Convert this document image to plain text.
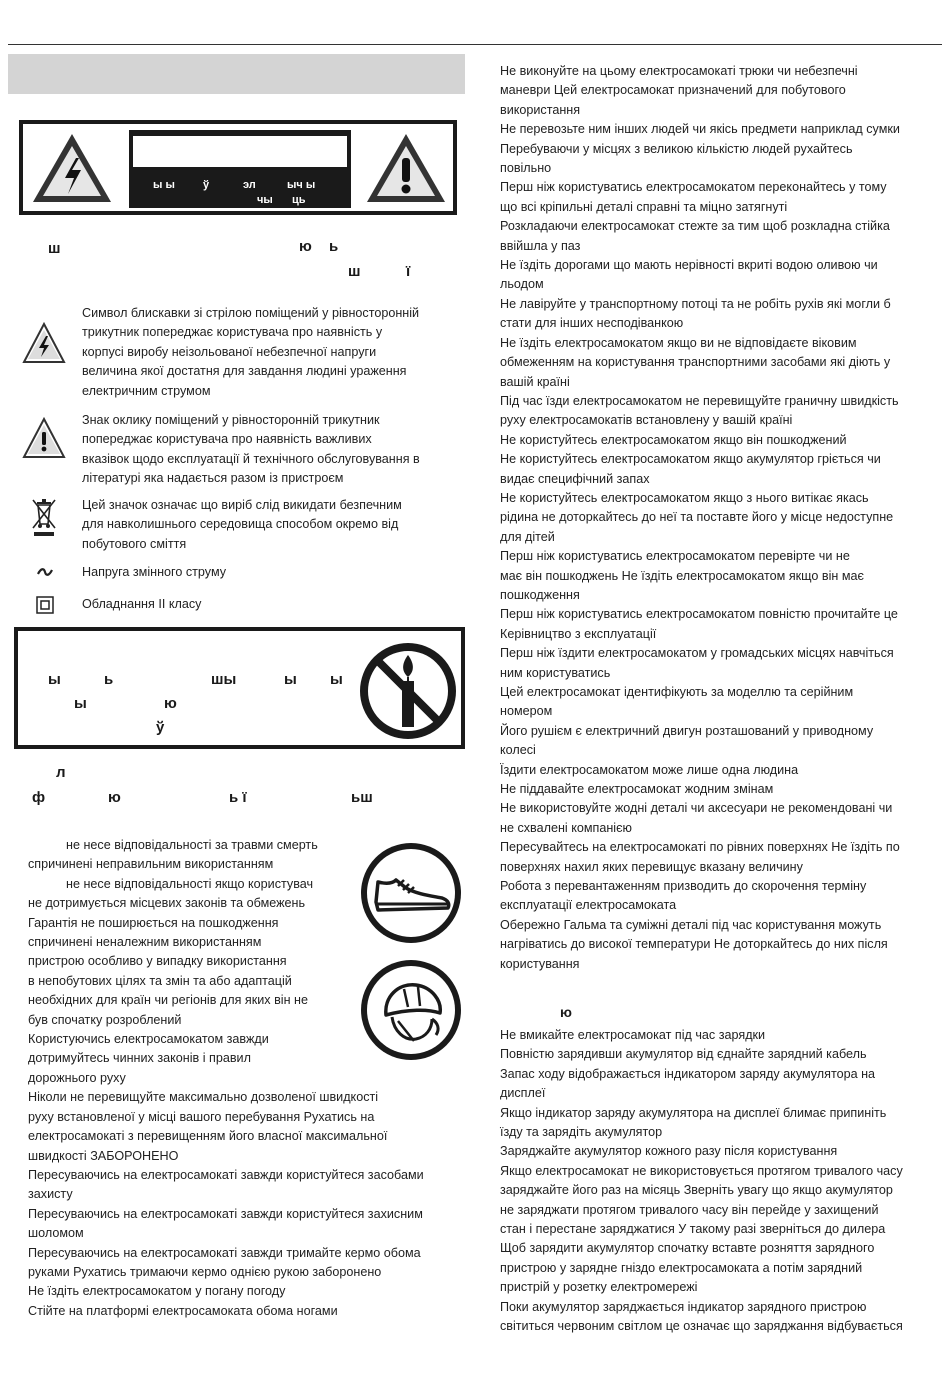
ы ы	ў	эл	ыч ы
чы ць
ш	ю ь
ш	ї
Символ блискавки зі стрілою поміщений у рівносторонній
трикутник попереджає користувача про наявність у
корпусі виробу неізольованої небезпечної напруги
величина якої достатня для завдання людині ураження
електричним струмом
Знак оклику поміщений у рівносторонній трикутник
попереджає користувача про наявність важливих
вказівок щодо експлуатації й технічного обслуговування в
літературі яка надається разом із пристроєм
Цей значок означає що виріб слід викидати безпечним
для навколишнього середовища способом окремо від
побутового сміття
Напруга змінного струму
Обладнання II класу
ы	ь	шы	ы ы
ы	ю
ў
л
ф	ю	ь ї	ьш
не несе відповідальності за травми смерть
спричинені неправильним використанням
не несе відповідальності якщо користувач
не дотримується місцевих законів та обмежень
Гарантія не поширюється на пошкодження
спричинені неналежним використанням
пристрою особливо у випадку використання
в непобутових цілях та змін та або адаптацій
необхідних для країн чи регіонів для яких він не
був спочатку розроблений
Користуючись електросамокатом завжди
дотримуйтесь чинних законів і правил
дорожнього руху
Ніколи не перевищуйте максимально дозволеної швидкості
руху встановленої у місці вашого перебування Рухатись на
електросамокаті з перевищенням його власної максимальної
швидкості ЗАБОРОНЕНО
Пересуваючись на електросамокаті завжди користуйтеся засобами
захисту
Пересуваючись на електросамокаті завжди користуйтеся захисним
шоломом
Пересуваючись на електросамокаті завжди тримайте кермо обома
руками Рухатись тримаючи кермо однією рукою заборонено
Не їздіть електросамокатом у погану погоду
Стійте на платформі електросамоката обома ногами
Не виконуйте на цьому електросамокаті трюки чи небезпечні
маневри Цей електросамокат призначений для побутового
використання
Не перевозьте ним інших людей чи якісь предмети наприклад сумки
Перебуваючи у місцях з великою кількістю людей рухайтесь
повільно
Перш ніж користуватись електросамокатом переконайтесь у тому
що всі кріпильні деталі справні та міцно затягнуті
Розкладаючи електросамокат стежте за тим щоб розкладна стійка
ввійшла у паз
Не їздіть дорогами що мають нерівності вкриті водою оливою чи
льодом
Не лавіруйте у транспортному потоці та не робіть рухів які могли б
стати для інших несподіванкою
Не їздіть електросамокатом якщо ви не відповідаєте віковим
обмеженням на користування транспортними засобами які діють у
вашій країні
Під час їзди електросамокатом не перевищуйте граничну швидкість
руху електросамокатів встановлену у вашій країні
Не користуйтесь електросамокатом якщо він пошкоджений
Не користуйтесь електросамокатом якщо акумулятор гріється чи
видає специфічний запах
Не користуйтесь електросамокатом якщо з нього витікає якась
рідина не доторкайтесь до неї та поставте його у місце недоступне
для дітей
Перш ніж користуватись електросамокатом перевірте чи не
має він пошкоджень Не їздіть електросамокатом якщо він має
пошкодження
Перш ніж користуватись електросамокатом повністю прочитайте це
Керівництво з експлуатації
Перш ніж їздити електросамокатом у громадських місцях навчіться
ним користуватись
Цей електросамокат ідентифікують за моделлю та серійним
номером
Його рушієм є електричний двигун розташований у приводному
колесі
Їздити електросамокатом може лише одна людина
Не піддавайте електросамокат жодним змінам
Не використовуйте жодні деталі чи аксесуари не рекомендовані чи
не схвалені компанією
Пересувайтесь на електросамокаті по рівних поверхнях Не їздіть по
поверхнях нахил яких перевищує вказану величину
Робота з перевантаженням призводить до скорочення терміну
експлуатації електросамоката
Обережно Гальма та суміжні деталі під час користування можуть
нагріватись до високої температури Не доторкайтесь до них після
користування
ю
Не вмикайте електросамокат під час зарядки
Повністю зарядивши акумулятор від єднайте зарядний кабель
Запас ходу відображається індикатором заряду акумулятора на
дисплеї
Якщо індикатор заряду акумулятора на дисплеї блимає припиніть
їзду та зарядіть акумулятор
Заряджайте акумулятор кожного разу після користування
Якщо електросамокат не використовується протягом тривалого часу
заряджайте його раз на місяць Зверніть увагу що якщо акумулятор
не заряджати протягом тривалого часу він перейде у захищений
стан і перестане заряджатися У такому разі зверніться до дилера
Щоб зарядити акумулятор спочатку вставте розняття зарядного
пристрою у зарядне гніздо електросамоката а потім зарядний
пристрій у розетку електромережі
Поки акумулятор заряджається індикатор зарядного пристрою
світиться червоним світлом це означає що заряджання відбувається
